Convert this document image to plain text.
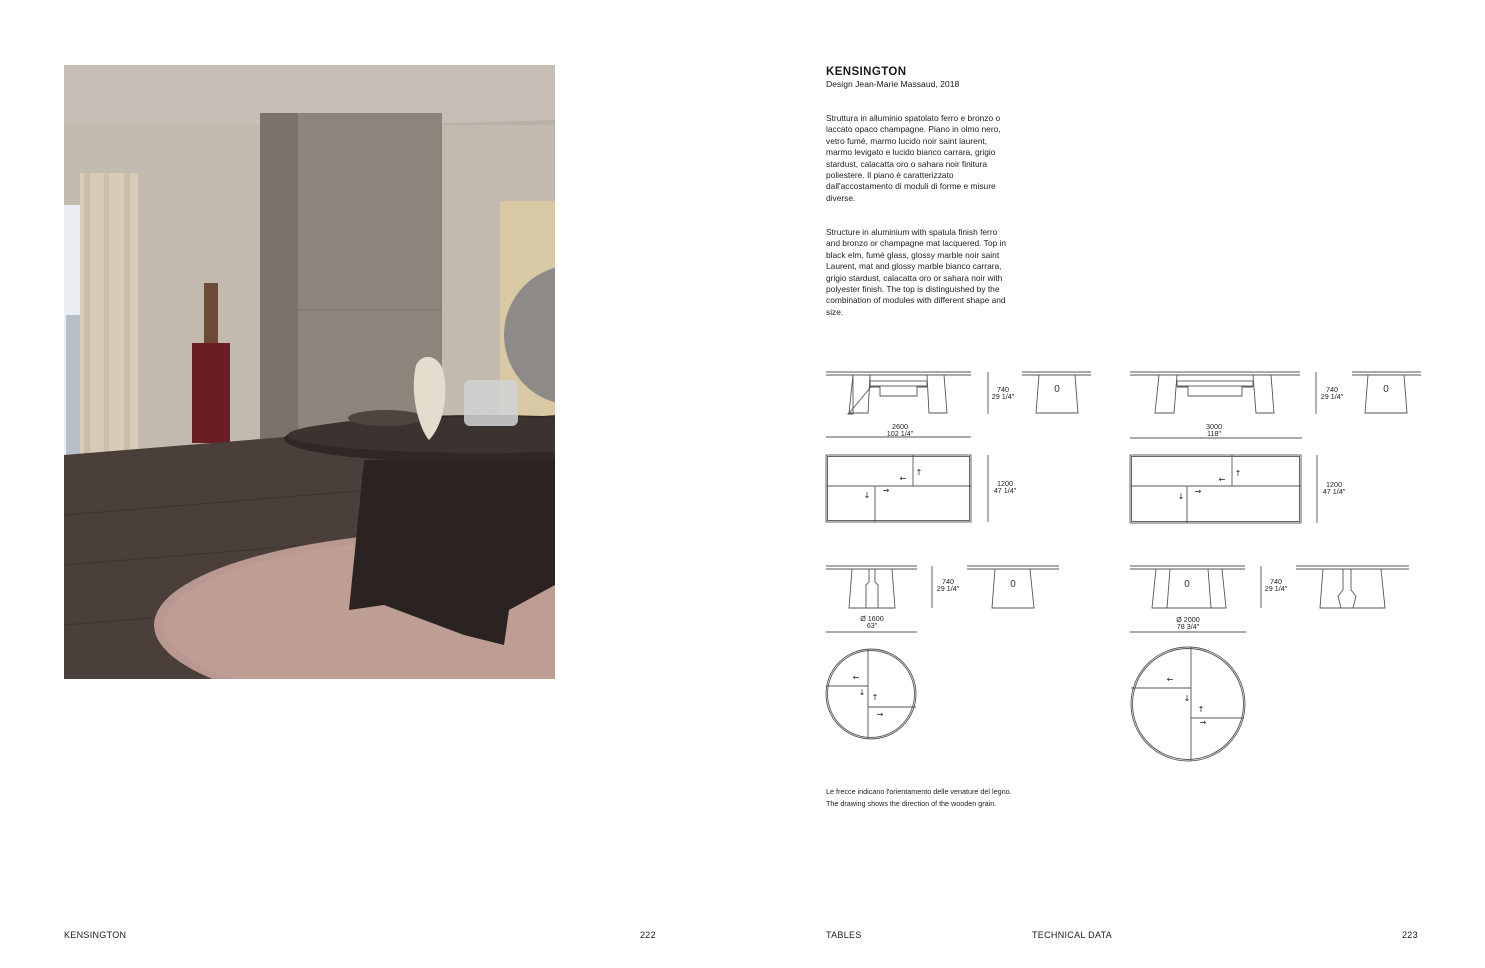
KENSINGTON
Design Jean-Marie Massaud, 2018
Struttura in alluminio spatolato ferro e bronzo o laccato opaco champagne. Piano in olmo nero, vetro fumé, marmo lucido noir saint laurent, marmo levigato e lucido bianco carrara, grigio stardust, calacatta oro o sahara noir finitura poliestere. Il piano è caratterizzato dall'accostamento di moduli di forme e misure diverse.
Structure in aluminium with spatula finish ferro and bronzo or champagne mat lacquered. Top in black elm, fumé glass, glossy marble noir saint Laurent, mat and glossy marble bianco carrara, grigio stardust, calacatta oro or sahara noir with polyester finish. The top is distinguished by the combination of modules with different shape and size.
2600
102 1/4"
740
29 1/4"
0
1200
47 1/4"
3000
118"
740
29 1/4"
0
1200
47 1/4"
Ø 1600
63"
740
29 1/4"	0
Ø 2000
78 3/4"
740
29 1/4"
0
←
↑
↓
→
←
↑
↓
→
←
↓
↑
→
←
↓
↑
→
Le frecce indicano l'orientamento delle venature del legno.
The drawing shows the direction of the wooden grain.
KENSINGTON	222	TABLES	TECHNICAL DATA	223
